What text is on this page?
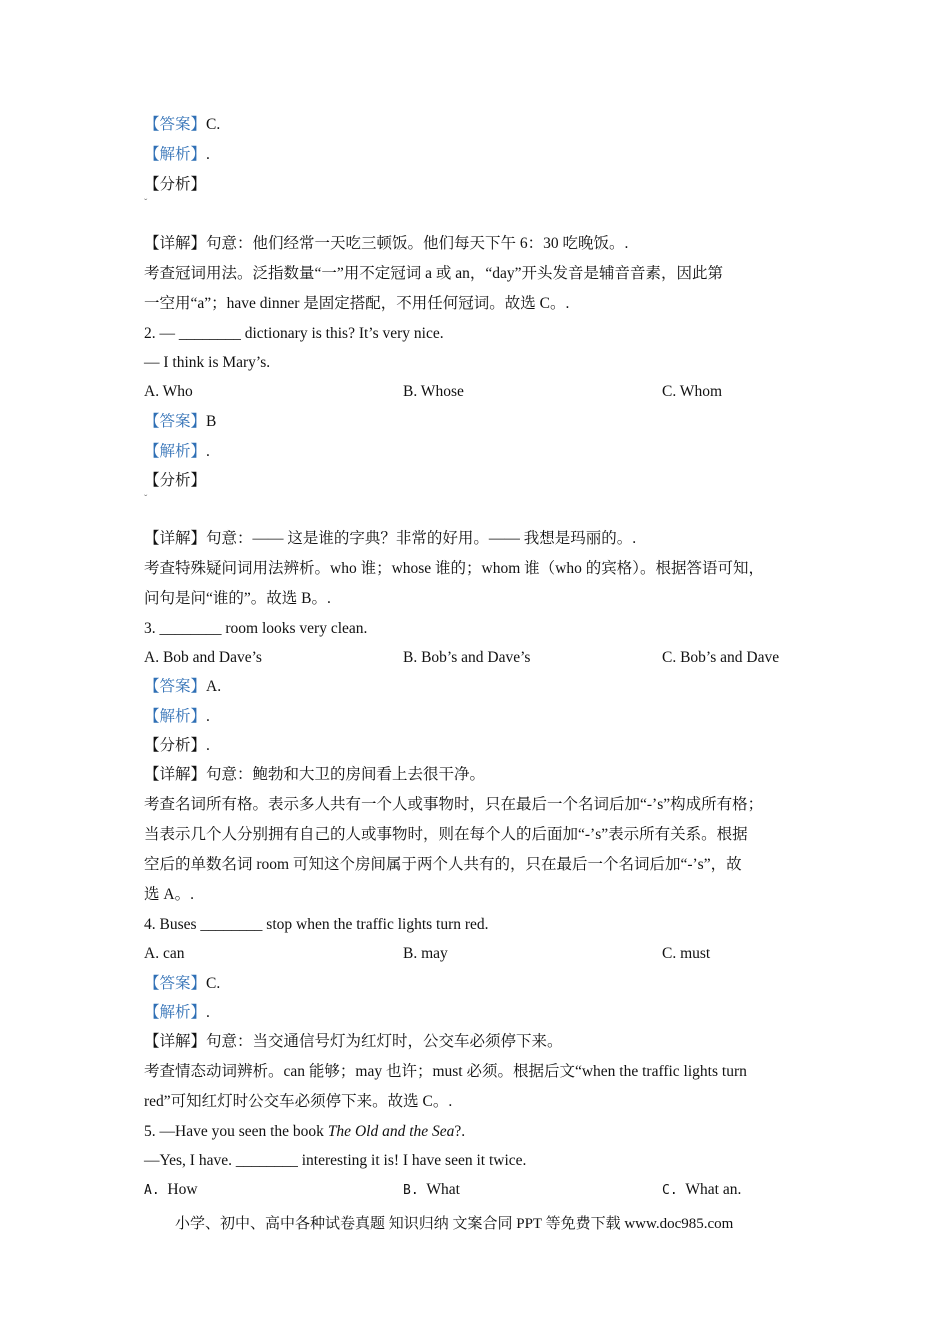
【答案】C.
【解析】.
【分析】
ˇ
【详解】句意：他们经常一天吃三顿饭。他们每天下午 6：30 吃晚饭。.
考查冠词用法。泛指数量“一”用不定冠词 a 或 an，“day”开头发音是辅音音素，因此第
一空用“a”；have dinner 是固定搭配，不用任何冠词。故选 C。.
2. — ________ dictionary is this? It’s very nice.
— I think is Mary’s.
A. Who	B. Whose	C. Whom
【答案】B
【解析】.
【分析】
ˇ
【详解】句意：—— 这是谁的字典？非常的好用。—— 我想是玛丽的。.
考查特殊疑问词用法辨析。who 谁；whose 谁的；whom 谁（who 的宾格）。根据答语可知，
问句是问“谁的”。故选 B。.
3. ________ room looks very clean.
A. Bob and Dave’s	B. Bob’s and Dave’s	C. Bob’s and Dave
【答案】A.
【解析】.
【分析】.
【详解】句意：鲍勃和大卫的房间看上去很干净。
考查名词所有格。表示多人共有一个人或事物时，只在最后一个名词后加“-’s”构成所有格；
当表示几个人分别拥有自己的人或事物时，则在每个人的后面加“-’s”表示所有关系。根据
空后的单数名词 room 可知这个房间属于两个人共有的，只在最后一个名词后加“-’s”，故
选 A。.
4. Buses ________ stop when the traffic lights turn red.
A. can	B. may	C. must
【答案】C.
【解析】.
【详解】句意：当交通信号灯为红灯时，公交车必须停下来。
考查情态动词辨析。can 能够；may 也许；must 必须。根据后文“when the traffic lights turn
red”可知红灯时公交车必须停下来。故选 C。.
5. —Have you seen the book The Old and the Sea?.
—Yes, I have. ________ interesting it is! I have seen it twice.
A. How	B. What	C. What an.
小学、初中、高中各种试卷真题 知识归纳 文案合同 PPT 等免费下载 www.doc985.com
